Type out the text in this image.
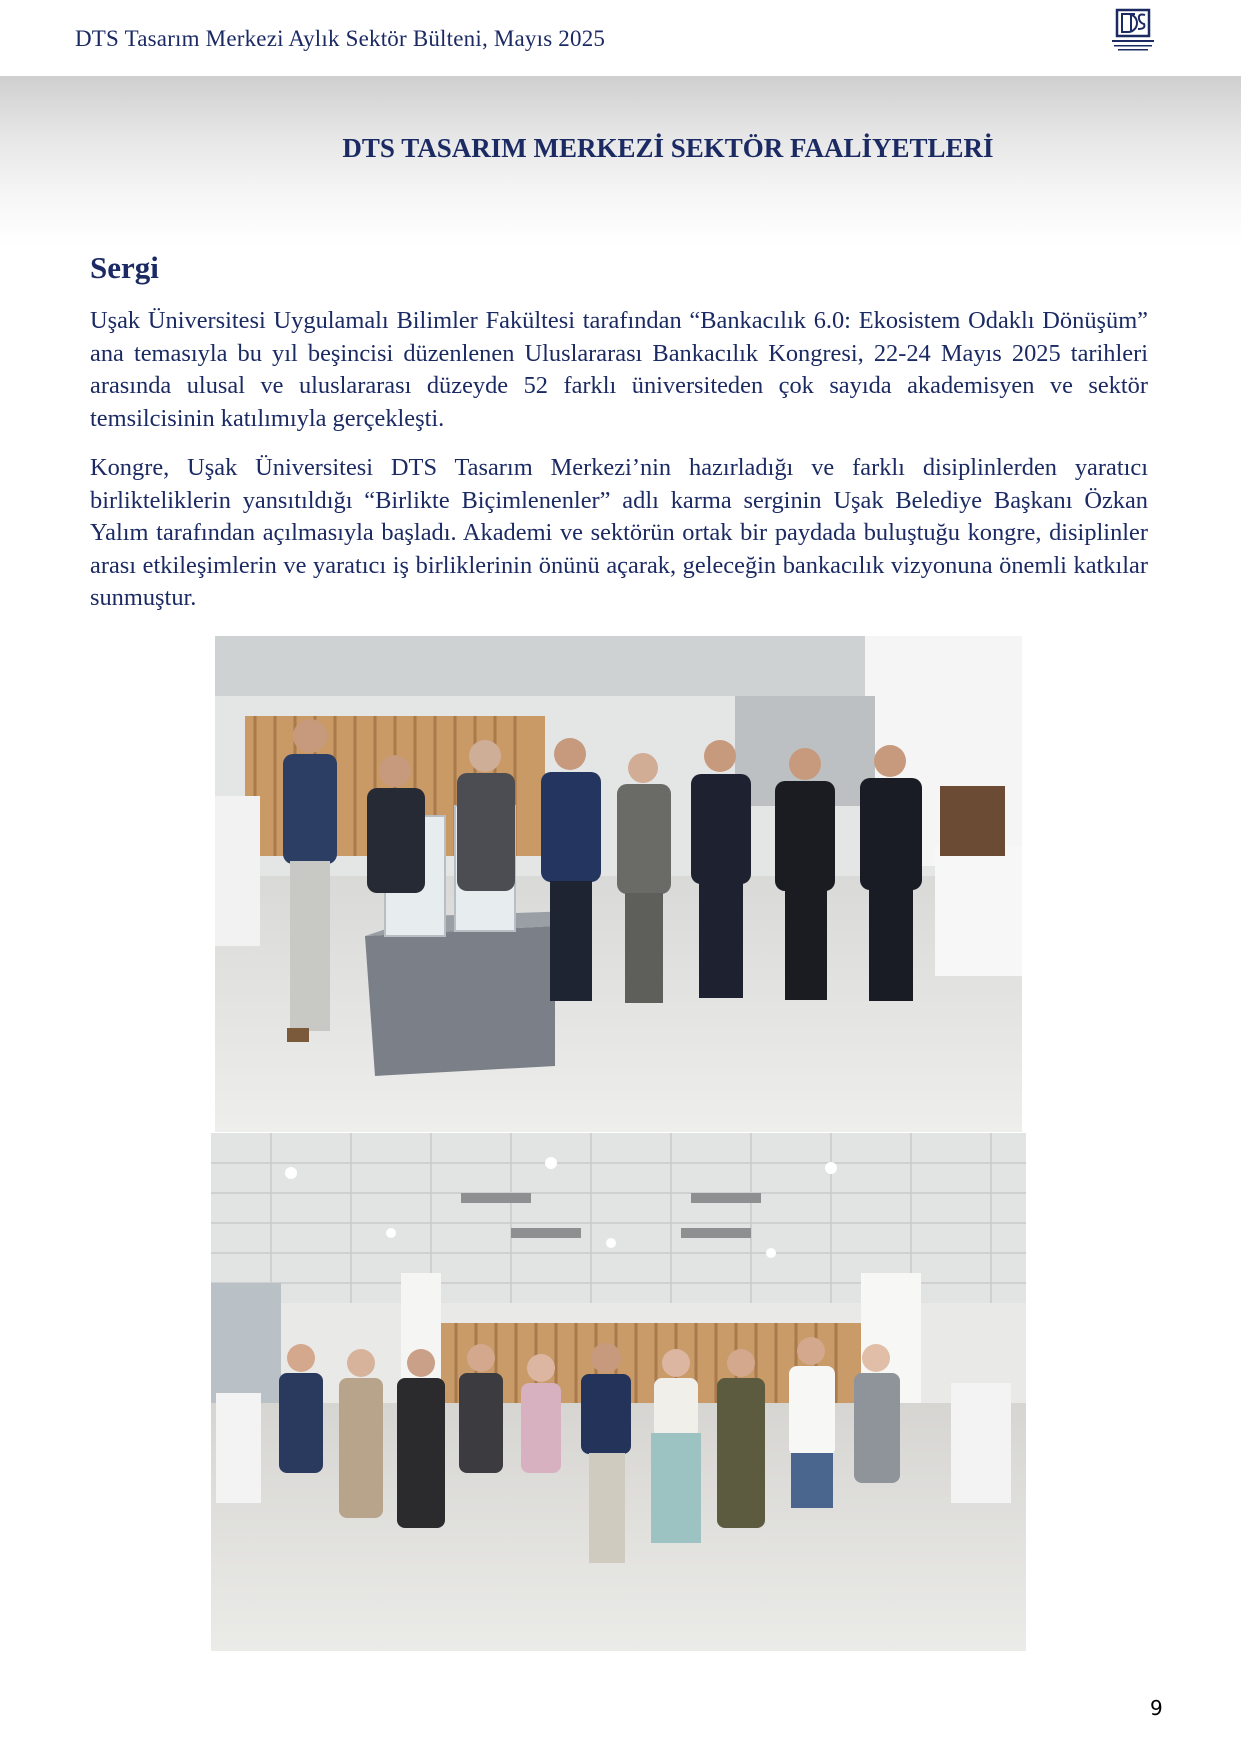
DTS Tasarım Merkezi Aylık Sektör Bülteni, Mayıs 2025
DTS TASARIM MERKEZİ SEKTÖR FAALİYETLERİ
Sergi

Uşak Üniversitesi Uygulamalı Bilimler Fakültesi tarafından “Bankacılık 6.0: Ekosistem Odaklı Dönüşüm” ana temasıyla bu yıl beşincisi düzenlenen Uluslararası Bankacılık Kongresi, 22-24 Mayıs 2025 tarihleri arasında ulusal ve uluslararası düzeyde 52 farklı üniversiteden çok sayıda akademisyen ve sektör temsilcisinin katılımıyla gerçekleşti.

Kongre, Uşak Üniversitesi DTS Tasarım Merkezi’nin hazırladığı ve farklı disiplinlerden yaratıcı birlikteliklerin yansıtıldığı “Birlikte Biçimlenenler” adlı karma serginin Uşak Belediye Başkanı Özkan Yalım tarafından açılmasıyla başladı. Akademi ve sektörün ortak bir paydada buluştuğu kongre, disiplinler arası etkileşimlerin ve yaratıcı iş birliklerinin önünü açarak, geleceğin bankacılık vizyonuna önemli katkılar sunmuştur.

9
